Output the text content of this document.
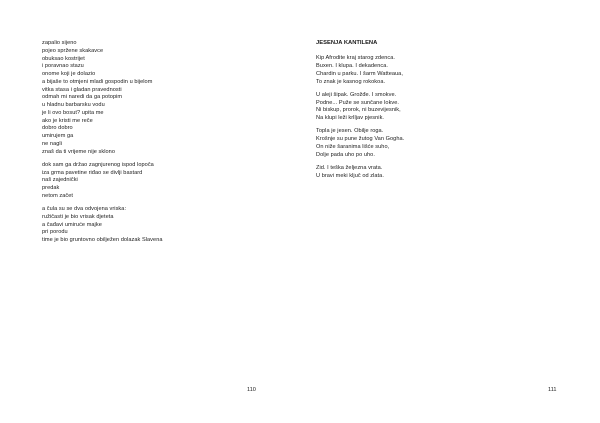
zapalio sijeno
pojeo spržene skakavce
obuksao kostrijet
i poravnao stazu
onome koji je dolazio
a bijaše to otmjeni mladi gospodin u bijelom
vitka stasa i gladan pravednosti
odmah mi naredi da ga potopim
u hladnu barbarsku vodu
je li ovo bosut? upita me
ako je kristi me reče
dobro dobro
umirujem ga
ne nagli
znaš da ti vrijeme nije sklono
dok sam ga držao zagnjurenog ispod lopoča
iza grma pavetine riđao se divlji bastard
naš zajednički
predak
netom začet
a čula su se dva odvojena vriska:
ružičasti je bio vrisak djeteta
a čađavi umiruće majke
pri porodu
time je bio gruntovno obilježen dolazak Slavena
110
JESENJA KANTILENA
Kip Afrodite kraj starog zdenca.
Buxen. I klupa. I dekadenca.
Chardin u parku. I šarm Watteaua,
To znak je kasnog rokokoa.
U aleji šipak. Grožđe. I smokve.
Podne... Puže se sunčane lokve.
Ni biskup, prorok, ni buzevijesnik,
Na klupi leži krlljav pjesnik.
Topla je jesen. Obilje roga.
Krošnje su pune žutog Van Gogha.
On niže šaranima lišće suho,
Dolje pada uho po uho.
Zid. I teška željezna vrata.
U bravi meki ključ od zlata.
111
